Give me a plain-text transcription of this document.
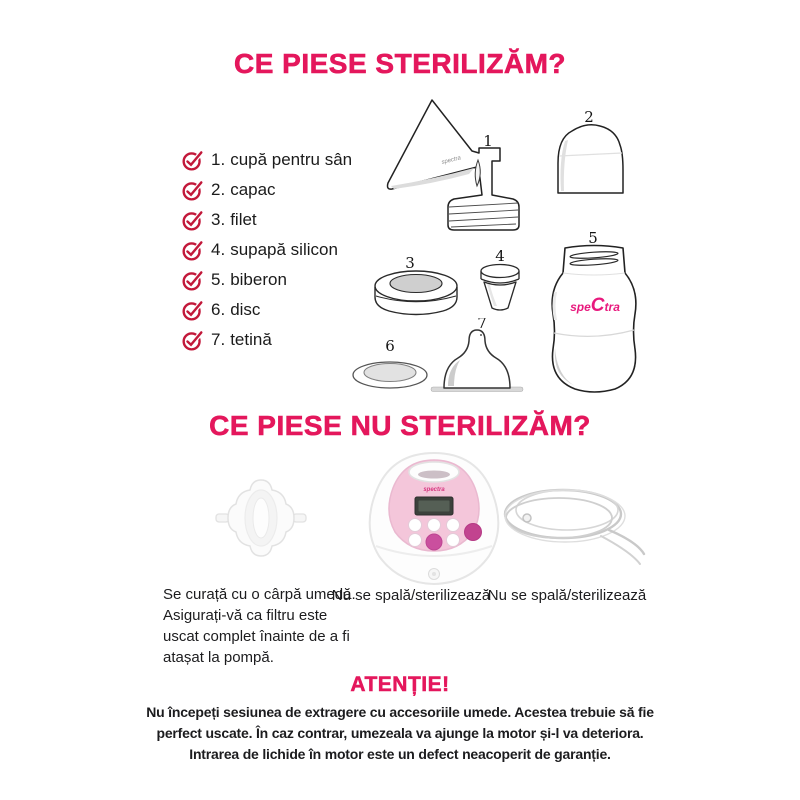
CE PIESE STERILIZĂM?
1. cupă pentru sân
2. capac
3. filet
4. supapă silicon
5. biberon
6. disc
7. tetină
spectra
1
2
3	4
5
speCtra
6
7
CE PIESE NU STERILIZĂM?
spectra
Se curață cu o cârpă umedă.
Asigurați-vă ca filtru este
uscat complet înainte de a fi
atașat la pompă.
Nu se spală/sterilizează
Nu se spală/sterilizează
ATENȚIE!
Nu începeți sesiunea de extragere cu accesoriile umede. Acestea trebuie să fie
perfect uscate. În caz contrar, umezeala va ajunge la motor și-l va deteriora.
Intrarea de lichide în motor este un defect neacoperit de garanție.
